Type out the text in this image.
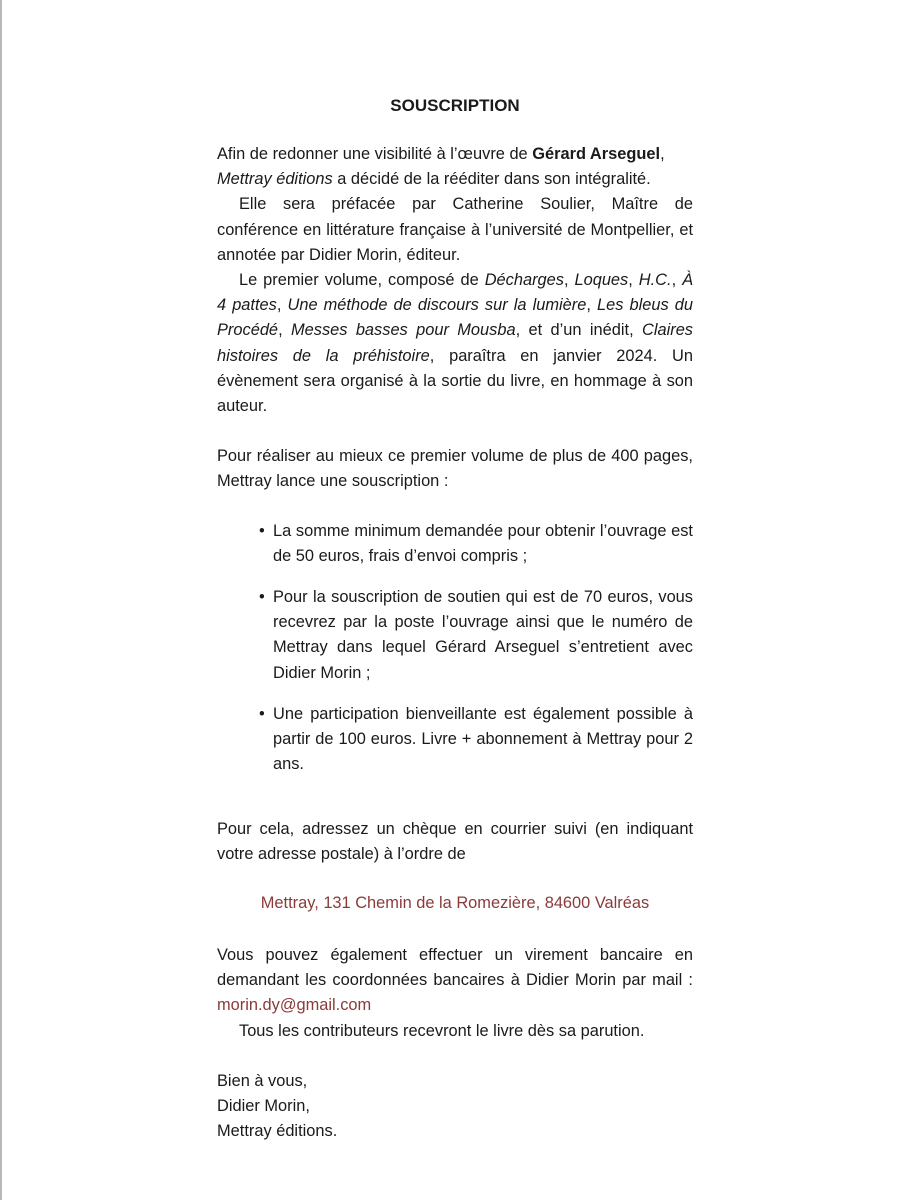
SOUSCRIPTION

Afin de redonner une visibilité à l’œuvre de Gérard Arseguel,
Mettray éditions a décidé de la rééditer dans son intégralité.

Elle sera préfacée par Catherine Soulier, Maître de conférence en littérature française à l’université de Montpellier, et annotée par Didier Morin, éditeur.

Le premier volume, composé de Décharges, Loques, H.C., À 4 pattes, Une méthode de discours sur la lumière, Les bleus du Procédé, Messes basses pour Mousba, et d’un inédit, Claires histoires de la préhistoire, paraîtra en janvier 2024. Un évènement sera organisé à la sortie du livre, en hommage à son auteur.

Pour réaliser au mieux ce premier volume de plus de 400 pages, Mettray lance une souscription :

• La somme minimum demandée pour obtenir l’ouvrage est de 50 euros, frais d’envoi compris ;
• Pour la souscription de soutien qui est de 70 euros, vous recevrez par la poste l’ouvrage ainsi que le numéro de Mettray dans lequel Gérard Arseguel s’entretient avec Didier Morin ;
• Une participation bienveillante est également possible à partir de 100 euros. Livre + abonnement à Mettray pour 2 ans.

Pour cela, adressez un chèque en courrier suivi (en indiquant votre adresse postale) à l’ordre de

Mettray, 131 Chemin de la Romezière, 84600 Valréas

Vous pouvez également effectuer un virement bancaire en demandant les coordonnées bancaires à Didier Morin par mail : morin.dy@gmail.com

Tous les contributeurs recevront le livre dès sa parution.

Bien à vous,
Didier Morin,
Mettray éditions.
